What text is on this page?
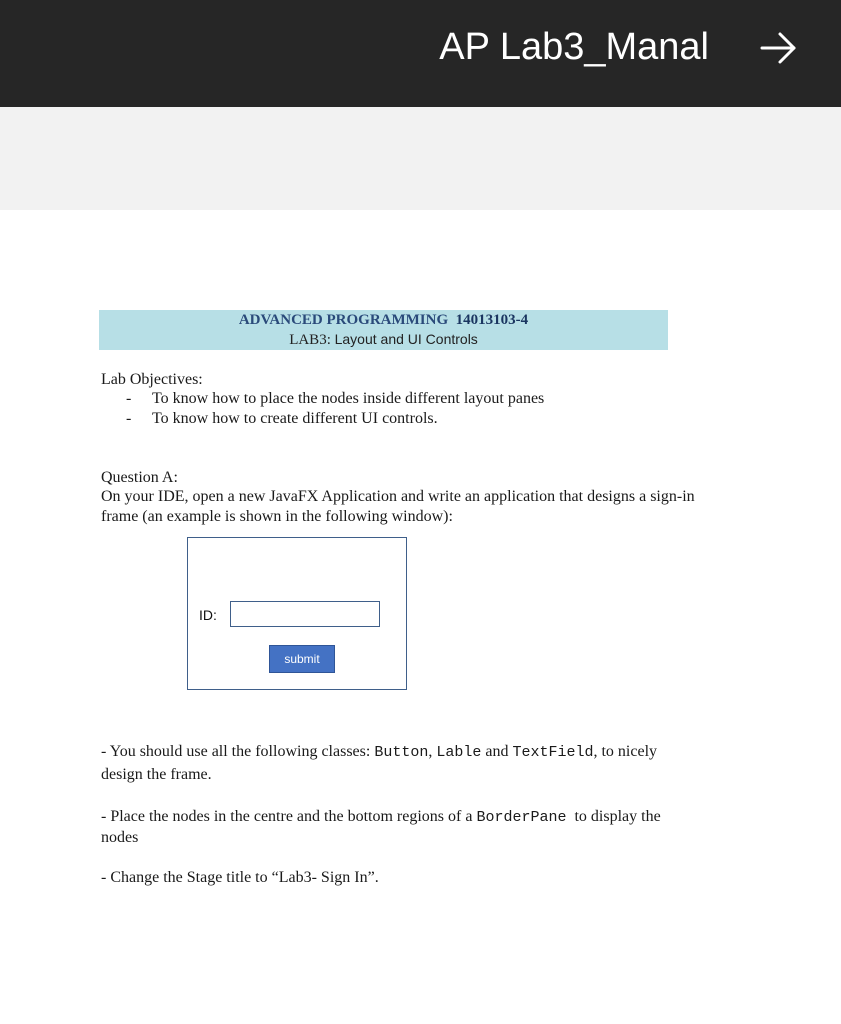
AP Lab3_Manal
ADVANCED PROGRAMMING 14013103-4
LAB3: Layout and UI Controls
Lab Objectives:
- To know how to place the nodes inside different layout panes
- To know how to create different UI controls.
Question A:
On your IDE, open a new JavaFX Application and write an application that designs a sign-in
frame (an example is shown in the following window):
ID:
submit
- You should use all the following classes: Button, Lable and TextField, to nicely
design the frame.
- Place the nodes in the centre and the bottom regions of a BorderPane  to display the
nodes
- Change the Stage title to “Lab3- Sign In”.
